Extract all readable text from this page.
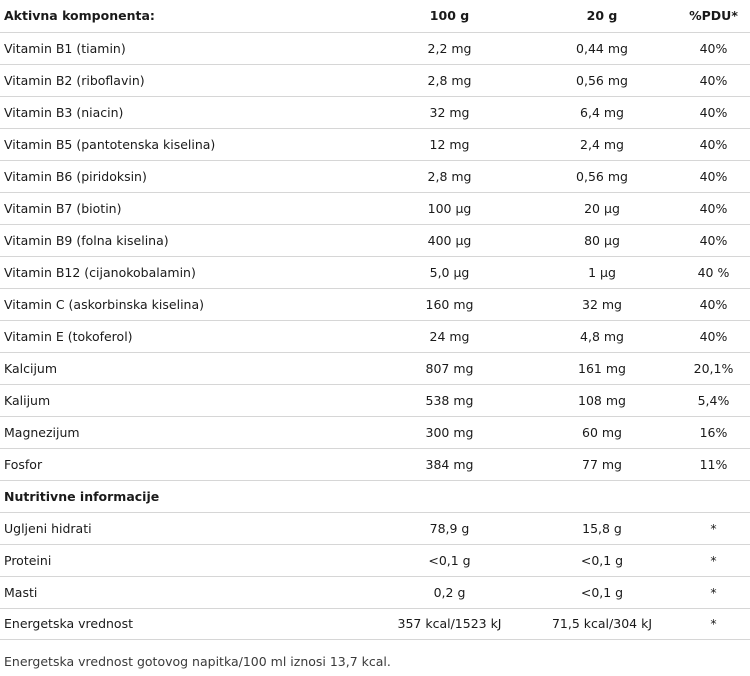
Aktivna komponenta:	100 g	20 g	%PDU*
Vitamin B1 (tiamin)	2,2 mg	0,44 mg	40%
Vitamin B2 (riboflavin)	2,8 mg	0,56 mg	40%
Vitamin B3 (niacin)	32 mg	6,4 mg	40%
Vitamin B5 (pantotenska kiselina)	12 mg	2,4 mg	40%
Vitamin B6 (piridoksin)	2,8 mg	0,56 mg	40%
Vitamin B7 (biotin)	100 µg	20 µg	40%
Vitamin B9 (folna kiselina)	400 µg	80 µg	40%
Vitamin B12 (cijanokobalamin)	5,0 µg	1 µg	40 %
Vitamin C (askorbinska kiselina)	160 mg	32 mg	40%
Vitamin E (tokoferol)	24 mg	4,8 mg	40%
Kalcijum	807 mg	161 mg	20,1%
Kalijum	538 mg	108 mg	5,4%
Magnezijum	300 mg	60 mg	16%
Fosfor	384 mg	77 mg	11%
Nutritivne informacije			
Ugljeni hidrati	78,9 g	15,8 g	*
Proteini	<0,1 g	<0,1 g	*
Masti	0,2 g	<0,1 g	*
Energetska vrednost	357 kcal/1523 kJ	71,5 kcal/304 kJ	*
Energetska vrednost gotovog napitka/100 ml iznosi 13,7 kcal.
